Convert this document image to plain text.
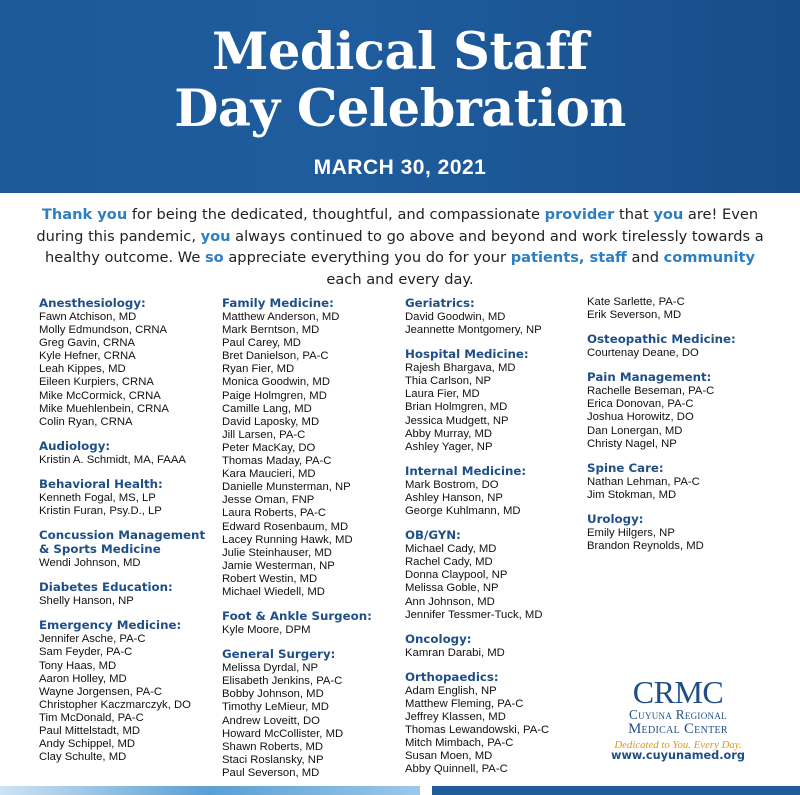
Medical Staff
Day Celebration
MARCH 30, 2021
Thank you for being the dedicated, thoughtful, and compassionate provider that you are! Even during this pandemic, you always continued to go above and beyond and work tirelessly towards a healthy outcome. We so appreciate everything you do for your patients, staff and community each and every day.
Anesthesiology:
Fawn Atchison, MD
Molly Edmundson, CRNA
Greg Gavin, CRNA
Kyle Hefner, CRNA
Leah Kippes, MD
Eileen Kurpiers, CRNA
Mike McCormick, CRNA
Mike Muehlenbein, CRNA
Colin Ryan, CRNA
Audiology:
Kristin A. Schmidt, MA, FAAA
Behavioral Health:
Kenneth Fogal, MS, LP
Kristin Furan, Psy.D., LP
Concussion Management & Sports Medicine
Wendi Johnson, MD
Diabetes Education:
Shelly Hanson, NP
Emergency Medicine:
Jennifer Asche, PA-C
Sam Feyder, PA-C
Tony Haas, MD
Aaron Holley, MD
Wayne Jorgensen, PA-C
Christopher Kaczmarczyk, DO
Tim McDonald, PA-C
Paul Mittelstadt, MD
Andy Schippel, MD
Clay Schulte, MD
Family Medicine:
Matthew Anderson, MD
Mark Berntson, MD
Paul Carey, MD
Bret Danielson, PA-C
Ryan Fier, MD
Monica Goodwin, MD
Paige Holmgren, MD
Camille Lang, MD
David Laposky, MD
Jill Larsen, PA-C
Peter MacKay, DO
Thomas Maday, PA-C
Kara Maucieri, MD
Danielle Munsterman, NP
Jesse Oman, FNP
Laura Roberts, PA-C
Edward Rosenbaum, MD
Lacey Running Hawk, MD
Julie Steinhauser, MD
Jamie Westerman, NP
Robert Westin, MD
Michael Wiedell, MD
Foot & Ankle Surgeon:
Kyle Moore, DPM
General Surgery:
Melissa Dyrdal, NP
Elisabeth Jenkins, PA-C
Bobby Johnson, MD
Timothy LeMieur, MD
Andrew Loveitt, DO
Howard McCollister, MD
Shawn Roberts, MD
Staci Roslansky, NP
Paul Severson, MD
Geriatrics:
David Goodwin, MD
Jeannette Montgomery, NP
Hospital Medicine:
Rajesh Bhargava, MD
Thia Carlson, NP
Laura Fier, MD
Brian Holmgren, MD
Jessica Mudgett, NP
Abby Murray, MD
Ashley Yager, NP
Internal Medicine:
Mark Bostrom, DO
Ashley Hanson, NP
George Kuhlmann, MD
OB/GYN:
Michael Cady, MD
Rachel Cady, MD
Donna Claypool, NP
Melissa Goble, NP
Ann Johnson, MD
Jennifer Tessmer-Tuck, MD
Oncology:
Kamran Darabi, MD
Orthopaedics:
Adam English, NP
Matthew Fleming, PA-C
Jeffrey Klassen, MD
Thomas Lewandowski, PA-C
Mitch Mimbach, PA-C
Susan Moen, MD
Abby Quinnell, PA-C
Kate Sarlette, PA-C
Erik Severson, MD
Osteopathic Medicine:
Courtenay Deane, DO
Pain Management:
Rachelle Beseman, PA-C
Erica Donovan, PA-C
Joshua Horowitz, DO
Dan Lonergan, MD
Christy Nagel, NP
Spine Care:
Nathan Lehman, PA-C
Jim Stokman, MD
Urology:
Emily Hilgers, NP
Brandon Reynolds, MD
CRMC
Cuyuna Regional
Medical Center
Dedicated to You. Every Day.
www.cuyunamed.org
